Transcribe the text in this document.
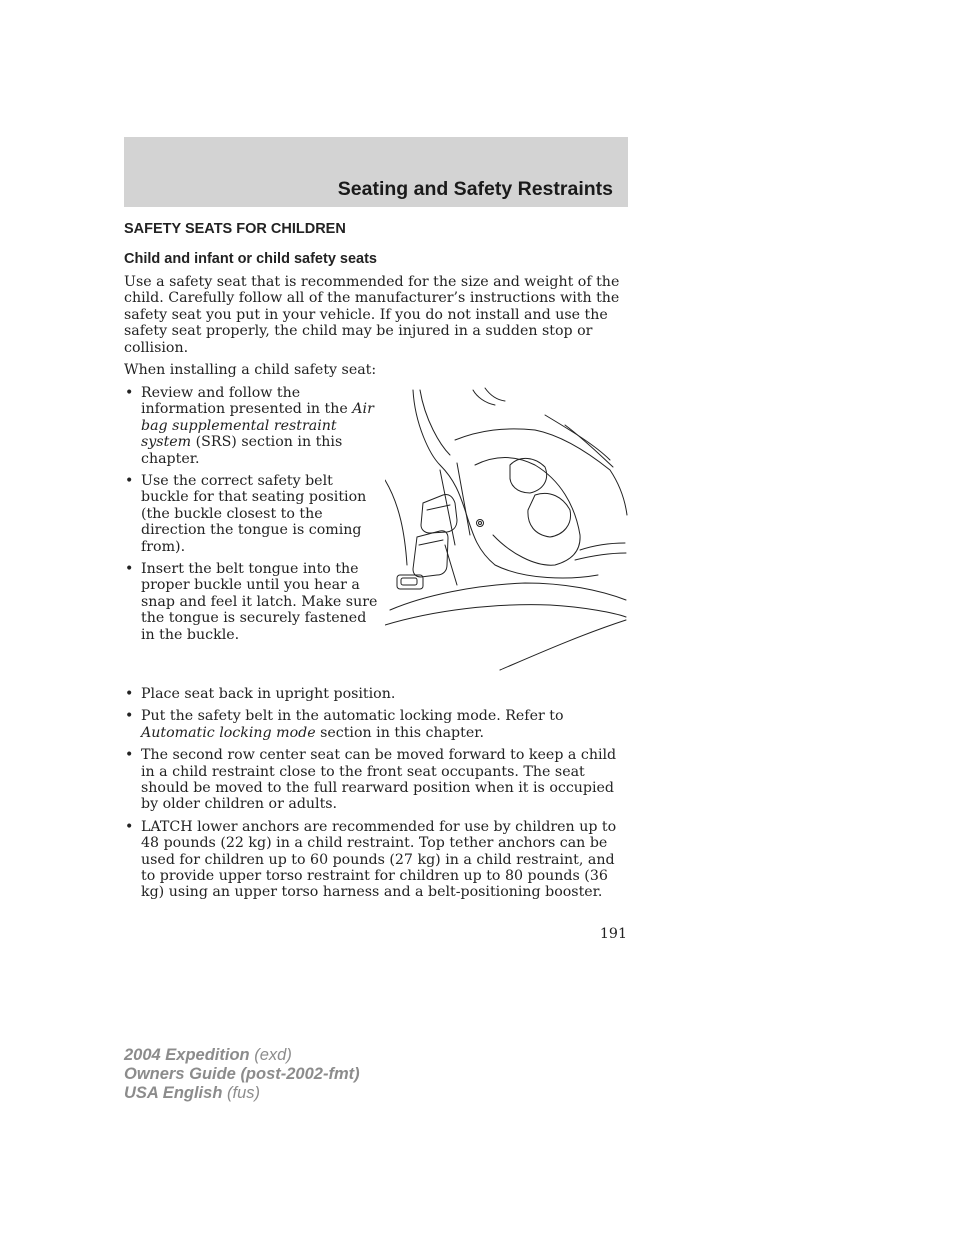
Seating and Safety Restraints
SAFETY SEATS FOR CHILDREN
Child and infant or child safety seats
Use a safety seat that is recommended for the size and weight of the child. Carefully follow all of the manufacturer’s instructions with the safety seat you put in your vehicle. If you do not install and use the safety seat properly, the child may be injured in a sudden stop or collision.
When installing a child safety seat:
• Review and follow the information presented in the Air bag supplemental restraint system (SRS) section in this chapter.
• Use the correct safety belt buckle for that seating position (the buckle closest to the direction the tongue is coming from).
• Insert the belt tongue into the proper buckle until you hear a snap and feel it latch. Make sure the tongue is securely fastened in the buckle.
• Place seat back in upright position.
• Put the safety belt in the automatic locking mode. Refer to Automatic locking mode section in this chapter.
• The second row center seat can be moved forward to keep a child in a child restraint close to the front seat occupants. The seat should be moved to the full rearward position when it is occupied by older children or adults.
• LATCH lower anchors are recommended for use by children up to 48 pounds (22 kg) in a child restraint. Top tether anchors can be used for children up to 60 pounds (27 kg) in a child restraint, and to provide upper torso restraint for children up to 80 pounds (36 kg) using an upper torso harness and a belt-positioning booster.
191
2004 Expedition (exd)
Owners Guide (post-2002-fmt)
USA English (fus)
